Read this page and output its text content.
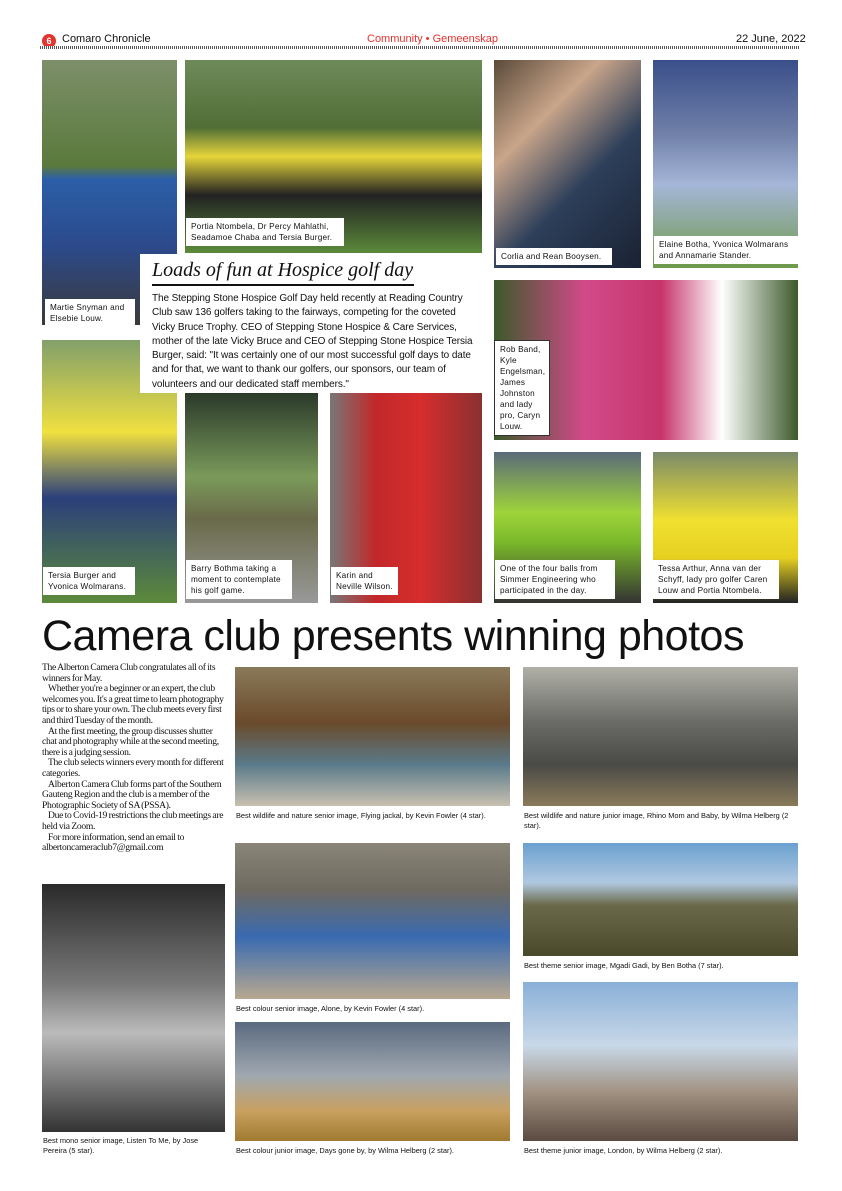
6 Comaro Chronicle	Community • Gemeenskap	22 June, 2022
Martie Snyman and Elsebie Louw.
Portia Ntombela, Dr Percy Mahlathi, Seadamoe Chaba and Tersia Burger.
Corlia and Rean Booysen.
Elaine Botha, Yvonica Wolmarans and Annamarie Stander.
Rob Band, Kyle Engelsman, James Johnston and lady pro, Caryn Louw.
Tersia Burger and Yvonica Wolmarans.
Barry Bothma taking a moment to contemplate his golf game.
Karin and Neville Wilson.
One of the four balls from Simmer Engineering who participated in the day.
Tessa Arthur, Anna van der Schyff, lady pro golfer Caren Louw and Portia Ntombela.
Loads of fun at Hospice golf day
The Stepping Stone Hospice Golf Day held recently at Reading Country Club saw 136 golfers taking to the fairways, competing for the coveted Vicky Bruce Trophy. CEO of Stepping Stone Hospice & Care Services, mother of the late Vicky Bruce and CEO of Stepping Stone Hospice Tersia Burger, said: "It was certainly one of our most successful golf days to date and for that, we want to thank our golfers, our sponsors, our team of volunteers and our dedicated staff members."
Camera club presents winning photos

The Alberton Camera Club congratulates all of its winners for May.

Whether you're a beginner or an expert, the club welcomes you. It's a great time to learn photography tips or to share your own. The club meets every first and third Tuesday of the month.

At the first meeting, the group discusses shutter chat and photography while at the second meeting, there is a judging session.

The club selects winners every month for different categories.

Alberton Camera Club forms part of the Southern Gauteng Region and the club is a member of the Photographic Society of SA (PSSA).

Due to Covid-19 restrictions the club meetings are held via Zoom.

For more information, send an email to albertoncameraclub7@gmail.com

Best wildlife and nature senior image, Flying jackal, by Kevin Fowler (4 star).	Best wildlife and nature junior image, Rhino Mom and Baby, by Wilma Helberg (2 star).
Best mono senior image, Listen To Me, by Jose Pereira (5 star).
Best colour senior image, Alone, by Kevin Fowler (4 star).
Best theme senior image, Mgadi Gadi, by Ben Botha (7 star).
Best colour junior image, Days gone by, by Wilma Helberg (2 star).	Best theme junior image, London, by Wilma Helberg (2 star).
